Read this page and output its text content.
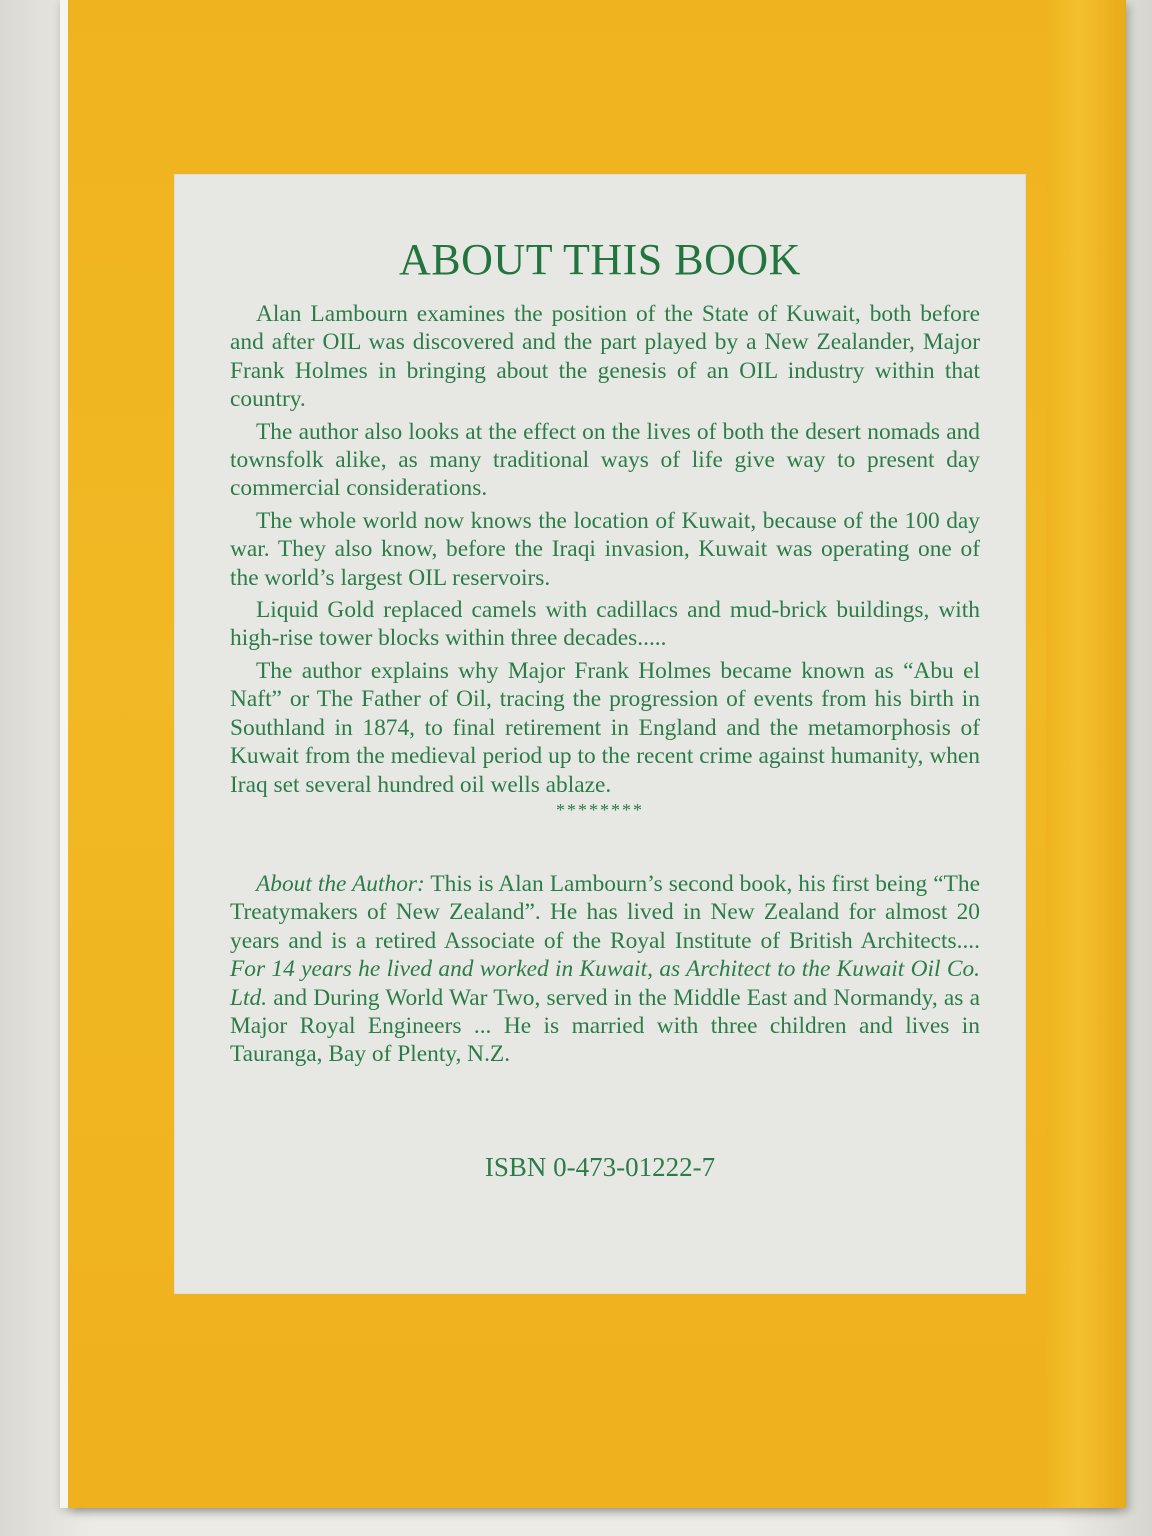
ABOUT THIS BOOK

Alan Lambourn examines the position of the State of Kuwait, both before and after OIL was discovered and the part played by a New Zealander, Major Frank Holmes in bringing about the genesis of an OIL industry within that country.

The author also looks at the effect on the lives of both the desert nomads and townsfolk alike, as many traditional ways of life give way to present day commercial considerations.

The whole world now knows the location of Kuwait, because of the 100 day war. They also know, before the Iraqi invasion, Kuwait was operating one of the world’s largest OIL reservoirs.

Liquid Gold replaced camels with cadillacs and mud-brick buildings, with high-rise tower blocks within three decades.....

The author explains why Major Frank Holmes became known as “Abu el Naft” or The Father of Oil, tracing the progression of events from his birth in Southland in 1874, to final retirement in England and the metamorphosis of Kuwait from the medieval period up to the recent crime against humanity, when Iraq set several hundred oil wells ablaze.

********

About the Author: This is Alan Lambourn’s second book, his first being “The Treatymakers of New Zealand”. He has lived in New Zealand for almost 20 years and is a retired Associate of the Royal Institute of British Architects.... For 14 years he lived and worked in Kuwait, as Architect to the Kuwait Oil Co. Ltd. and During World War Two, served in the Middle East and Normandy, as a Major Royal Engineers ... He is married with three children and lives in Tauranga, Bay of Plenty, N.Z.

ISBN 0-473-01222-7
